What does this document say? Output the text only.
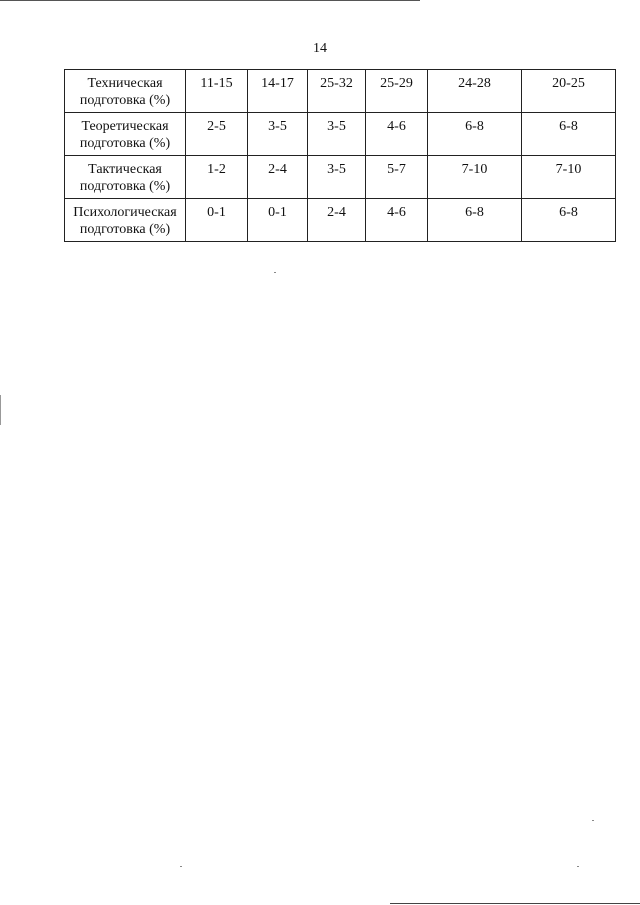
14
Техническая
подготовка (%)	11-15	14-17	25-32	25-29	24-28	20-25
Теоретическая
подготовка (%)	2-5	3-5	3-5	4-6	6-8	6-8
Тактическая
подготовка (%)	1-2	2-4	3-5	5-7	7-10	7-10
Психологическая
подготовка (%)	0-1	0-1	2-4	4-6	6-8	6-8
